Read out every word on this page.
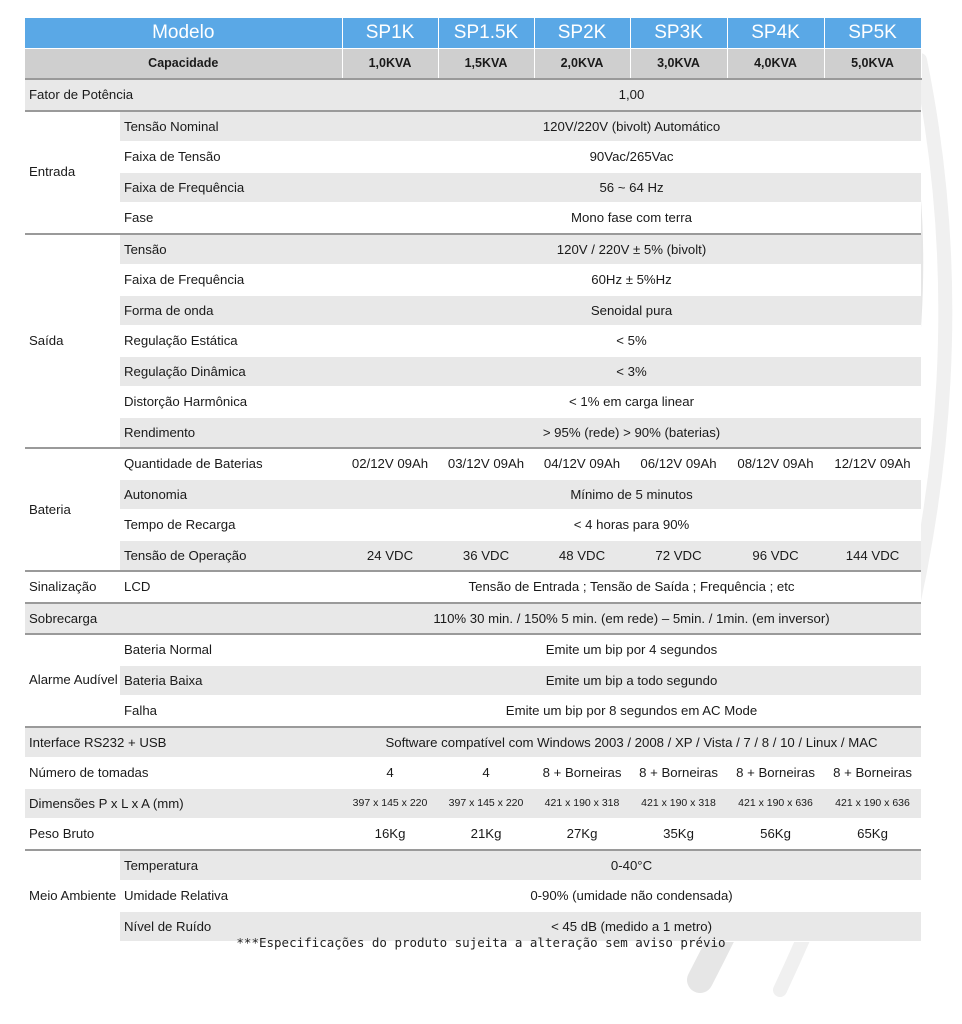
Modelo		SP1K	SP1.5K	SP2K	SP3K	SP4K	SP5K
Capacidade		1,0KVA	1,5KVA	2,0KVA	3,0KVA	4,0KVA	5,0KVA
Fator de Potência		1,00					
Entrada	Tensão Nominal	120V/220V (bivolt) Automático					
	Faixa de Tensão	90Vac/265Vac					
	Faixa de Frequência	56 ~ 64 Hz					
	Fase	Mono fase com terra					
Saída	Tensão	120V / 220V ± 5% (bivolt)					
	Faixa de Frequência	60Hz ± 5%Hz					
	Forma de onda	Senoidal pura					
	Regulação Estática	< 5%					
	Regulação Dinâmica	< 3%					
	Distorção Harmônica	< 1% em carga linear					
	Rendimento	> 95% (rede) > 90% (baterias)					
Bateria	Quantidade de Baterias	02/12V 09Ah	03/12V 09Ah	04/12V 09Ah	06/12V 09Ah	08/12V 09Ah	12/12V 09Ah
	Autonomia	Mínimo de 5 minutos					
	Tempo de Recarga	< 4 horas para 90%					
	Tensão de Operação	24 VDC	36 VDC	48 VDC	72 VDC	96 VDC	144 VDC
Sinalização	LCD	Tensão de Entrada ; Tensão de Saída ; Frequência ; etc					
Sobrecarga		110% 30 min. / 150% 5 min. (em rede) – 5min. / 1min. (em inversor)					
Alarme Audível	Bateria Normal	Emite um bip por 4 segundos					
	Bateria Baixa	Emite um bip a todo segundo					
	Falha	Emite um bip por 8 segundos em AC Mode					
Interface RS232 + USB		Software compatível com Windows 2003 / 2008 / XP / Vista / 7 / 8 / 10 / Linux / MAC					
Número de tomadas		4	4	8 + Borneiras	8 + Borneiras	8 + Borneiras	8 + Borneiras
Dimensões P x L x A (mm)		397 x 145 x 220	397 x 145 x 220	421 x 190 x 318	421 x 190 x 318	421 x 190 x 636	421 x 190 x 636
Peso Bruto		16Kg	21Kg	27Kg	35Kg	56Kg	65Kg
Meio Ambiente	Temperatura	0-40°C					
	Umidade Relativa	0-90% (umidade não condensada)					
	Nível de Ruído	< 45 dB (medido a 1 metro)					
***Especificações do produto sujeita a alteração sem aviso prévio
